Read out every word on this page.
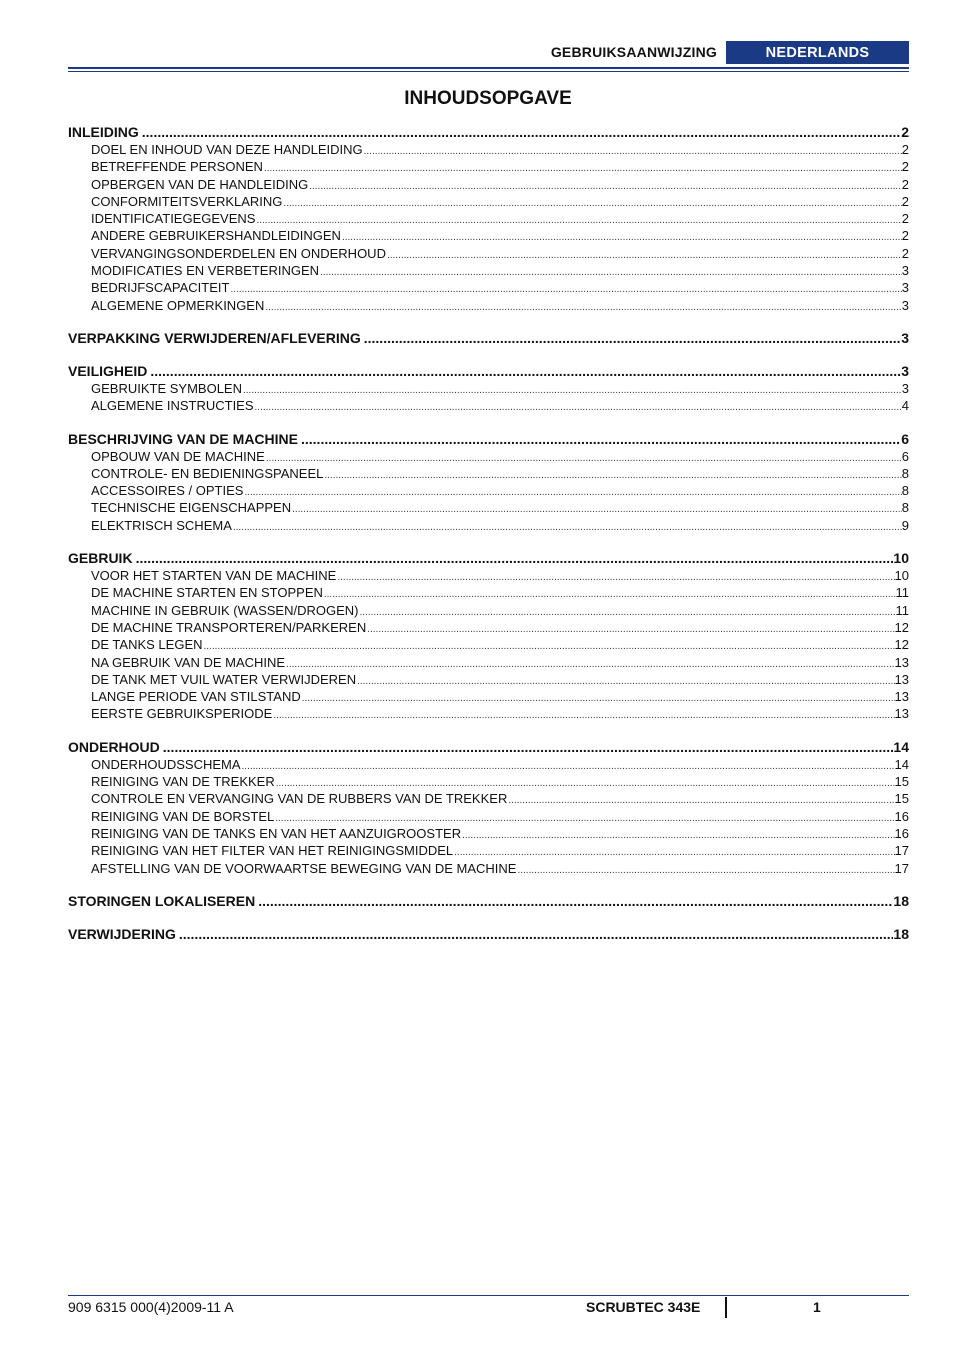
GEBRUIKSAANWIJZING	NEDERLANDS
INHOUDSOPGAVE
INLEIDING .....	2
DOEL EN INHOUD VAN DEZE HANDLEIDING .....	2
BETREFFENDE PERSONEN .....	2
OPBERGEN VAN DE HANDLEIDING .....	2
CONFORMITEITSVERKLARING .....	2
IDENTIFICATIEGEGEVENS .....	2
ANDERE GEBRUIKERSHANDLEIDINGEN .....	2
VERVANGINGSONDERDELEN EN ONDERHOUD .....	2
MODIFICATIES EN VERBETERINGEN .....	3
BEDRIJFSCAPACITEIT .....	3
ALGEMENE OPMERKINGEN .....	3
VERPAKKING VERWIJDEREN/AFLEVERING .....	3
VEILIGHEID .....	3
GEBRUIKTE SYMBOLEN .....	3
ALGEMENE INSTRUCTIES .....	4
BESCHRIJVING VAN DE MACHINE .....	6
OPBOUW VAN DE MACHINE .....	6
CONTROLE- EN BEDIENINGSPANEEL .....	8
ACCESSOIRES / OPTIES .....	8
TECHNISCHE EIGENSCHAPPEN .....	8
ELEKTRISCH SCHEMA .....	9
GEBRUIK .....	10
VOOR HET STARTEN VAN DE MACHINE .....	10
DE MACHINE STARTEN EN STOPPEN .....	11
MACHINE IN GEBRUIK (WASSEN/DROGEN) .....	11
DE MACHINE TRANSPORTEREN/PARKEREN .....	12
DE TANKS LEGEN .....	12
NA GEBRUIK VAN DE MACHINE .....	13
DE TANK MET VUIL WATER VERWIJDEREN .....	13
LANGE PERIODE VAN STILSTAND .....	13
EERSTE GEBRUIKSPERIODE .....	13
ONDERHOUD .....	14
ONDERHOUDSSCHEMA .....	14
REINIGING VAN DE TREKKER .....	15
CONTROLE EN VERVANGING VAN DE RUBBERS VAN DE TREKKER .....	15
REINIGING VAN DE BORSTEL .....	16
REINIGING VAN DE TANKS EN VAN HET AANZUIGROOSTER .....	16
REINIGING VAN HET FILTER VAN HET REINIGINGSMIDDEL .....	17
AFSTELLING VAN DE VOORWAARTSE BEWEGING VAN DE MACHINE .....	17
STORINGEN LOKALISEREN .....	18
VERWIJDERING .....	18
909 6315 000(4)2009-11 A	SCRUBTEC 343E	1
